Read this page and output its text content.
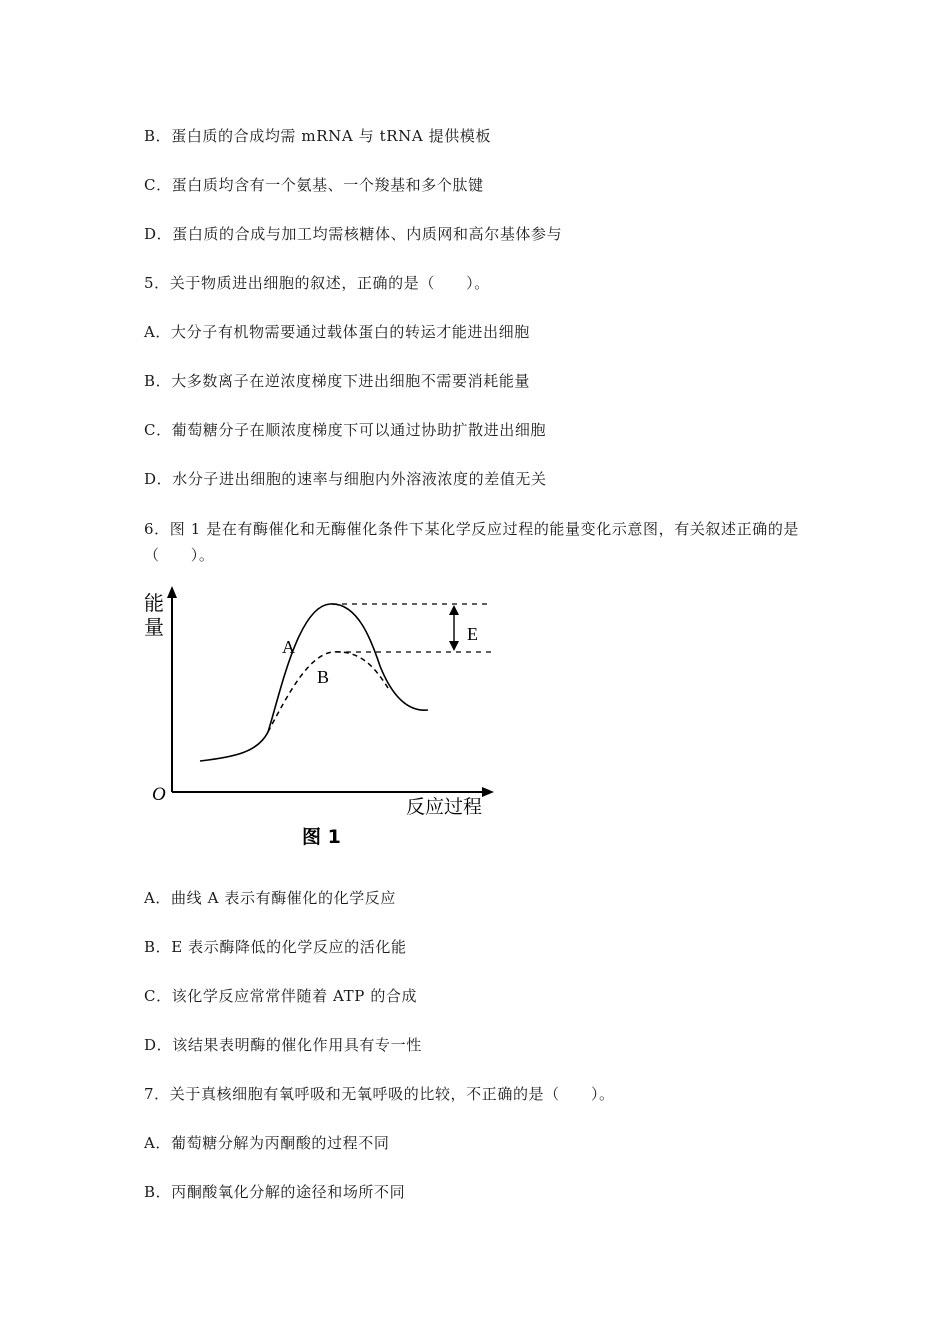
B．蛋白质的合成均需 mRNA 与 tRNA 提供模板
C．蛋白质均含有一个氨基、一个羧基和多个肽键
D．蛋白质的合成与加工均需核糖体、内质网和高尔基体参与
5．关于物质进出细胞的叙述，正确的是（　　）。
A．大分子有机物需要通过载体蛋白的转运才能进出细胞
B．大多数离子在逆浓度梯度下进出细胞不需要消耗能量
C．葡萄糖分子在顺浓度梯度下可以通过协助扩散进出细胞
D．水分子进出细胞的速率与细胞内外溶液浓度的差值无关
6．图 1 是在有酶催化和无酶催化条件下某化学反应过程的能量变化示意图，有关叙述正确的是（　　）。
能
量
O
反应过程
A
B
E
图 1
A．曲线 A 表示有酶催化的化学反应
B．E 表示酶降低的化学反应的活化能
C．该化学反应常常伴随着 ATP 的合成
D．该结果表明酶的催化作用具有专一性
7．关于真核细胞有氧呼吸和无氧呼吸的比较，不正确的是（　　）。
A．葡萄糖分解为丙酮酸的过程不同
B．丙酮酸氧化分解的途径和场所不同
